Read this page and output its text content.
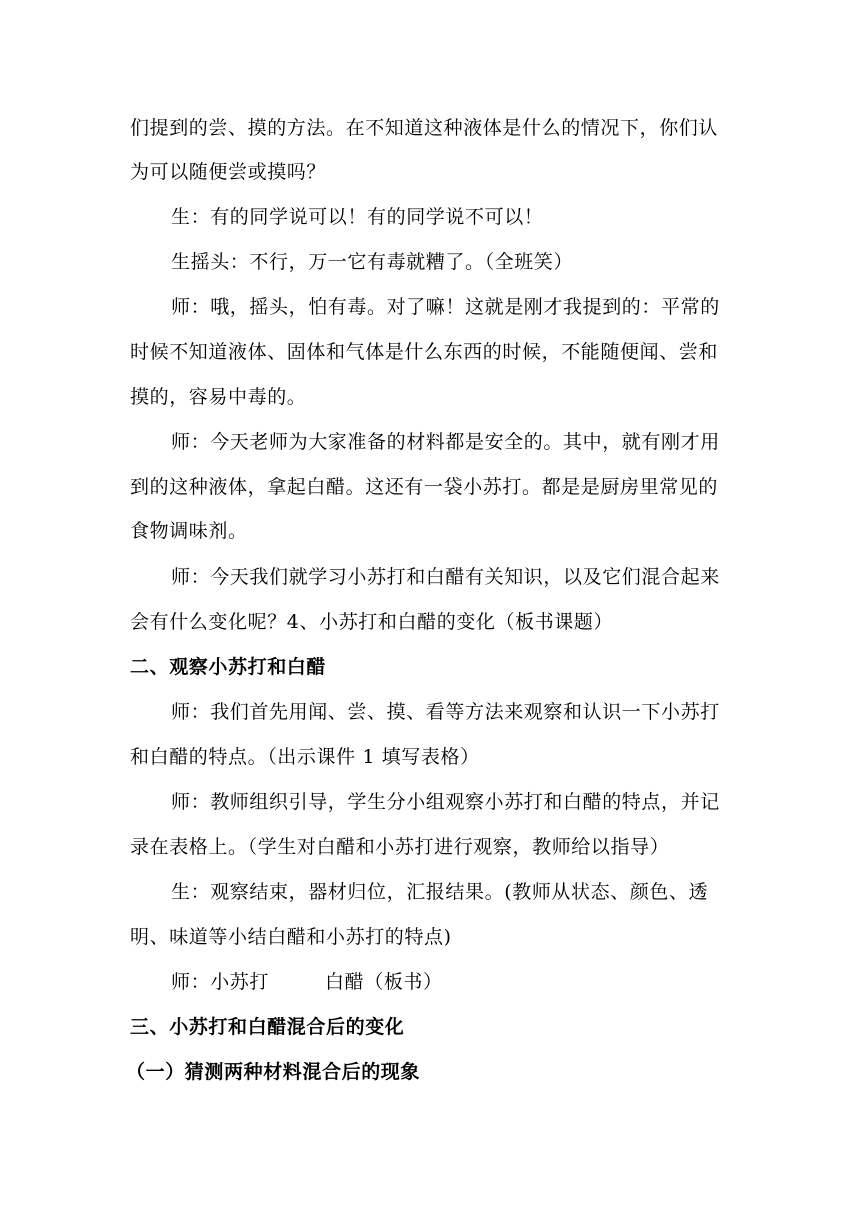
们提到的尝、摸的方法。在不知道这种液体是什么的情况下，你们认
为可以随便尝或摸吗？
生：有的同学说可以！有的同学说不可以！
生摇头：不行，万一它有毒就糟了。（全班笑）
师：哦，摇头，怕有毒。对了嘛！这就是刚才我提到的：平常的
时候不知道液体、固体和气体是什么东西的时候，不能随便闻、尝和
摸的，容易中毒的。
师：今天老师为大家准备的材料都是安全的。其中，就有刚才用
到的这种液体，拿起白醋。这还有一袋小苏打。都是是厨房里常见的
食物调味剂。
师：今天我们就学习小苏打和白醋有关知识，以及它们混合起来
会有什么变化呢？4、小苏打和白醋的变化（板书课题）
二、观察小苏打和白醋
师：我们首先用闻、尝、摸、看等方法来观察和认识一下小苏打
和白醋的特点。（出示课件 1 填写表格）
师：教师组织引导，学生分小组观察小苏打和白醋的特点，并记
录在表格上。（学生对白醋和小苏打进行观察，教师给以指导）
生：观察结束，器材归位，汇报结果。(教师从状态、颜色、透
明、味道等小结白醋和小苏打的特点)
师：小苏打	白醋（板书）
三、小苏打和白醋混合后的变化
（一）猜测两种材料混合后的现象
